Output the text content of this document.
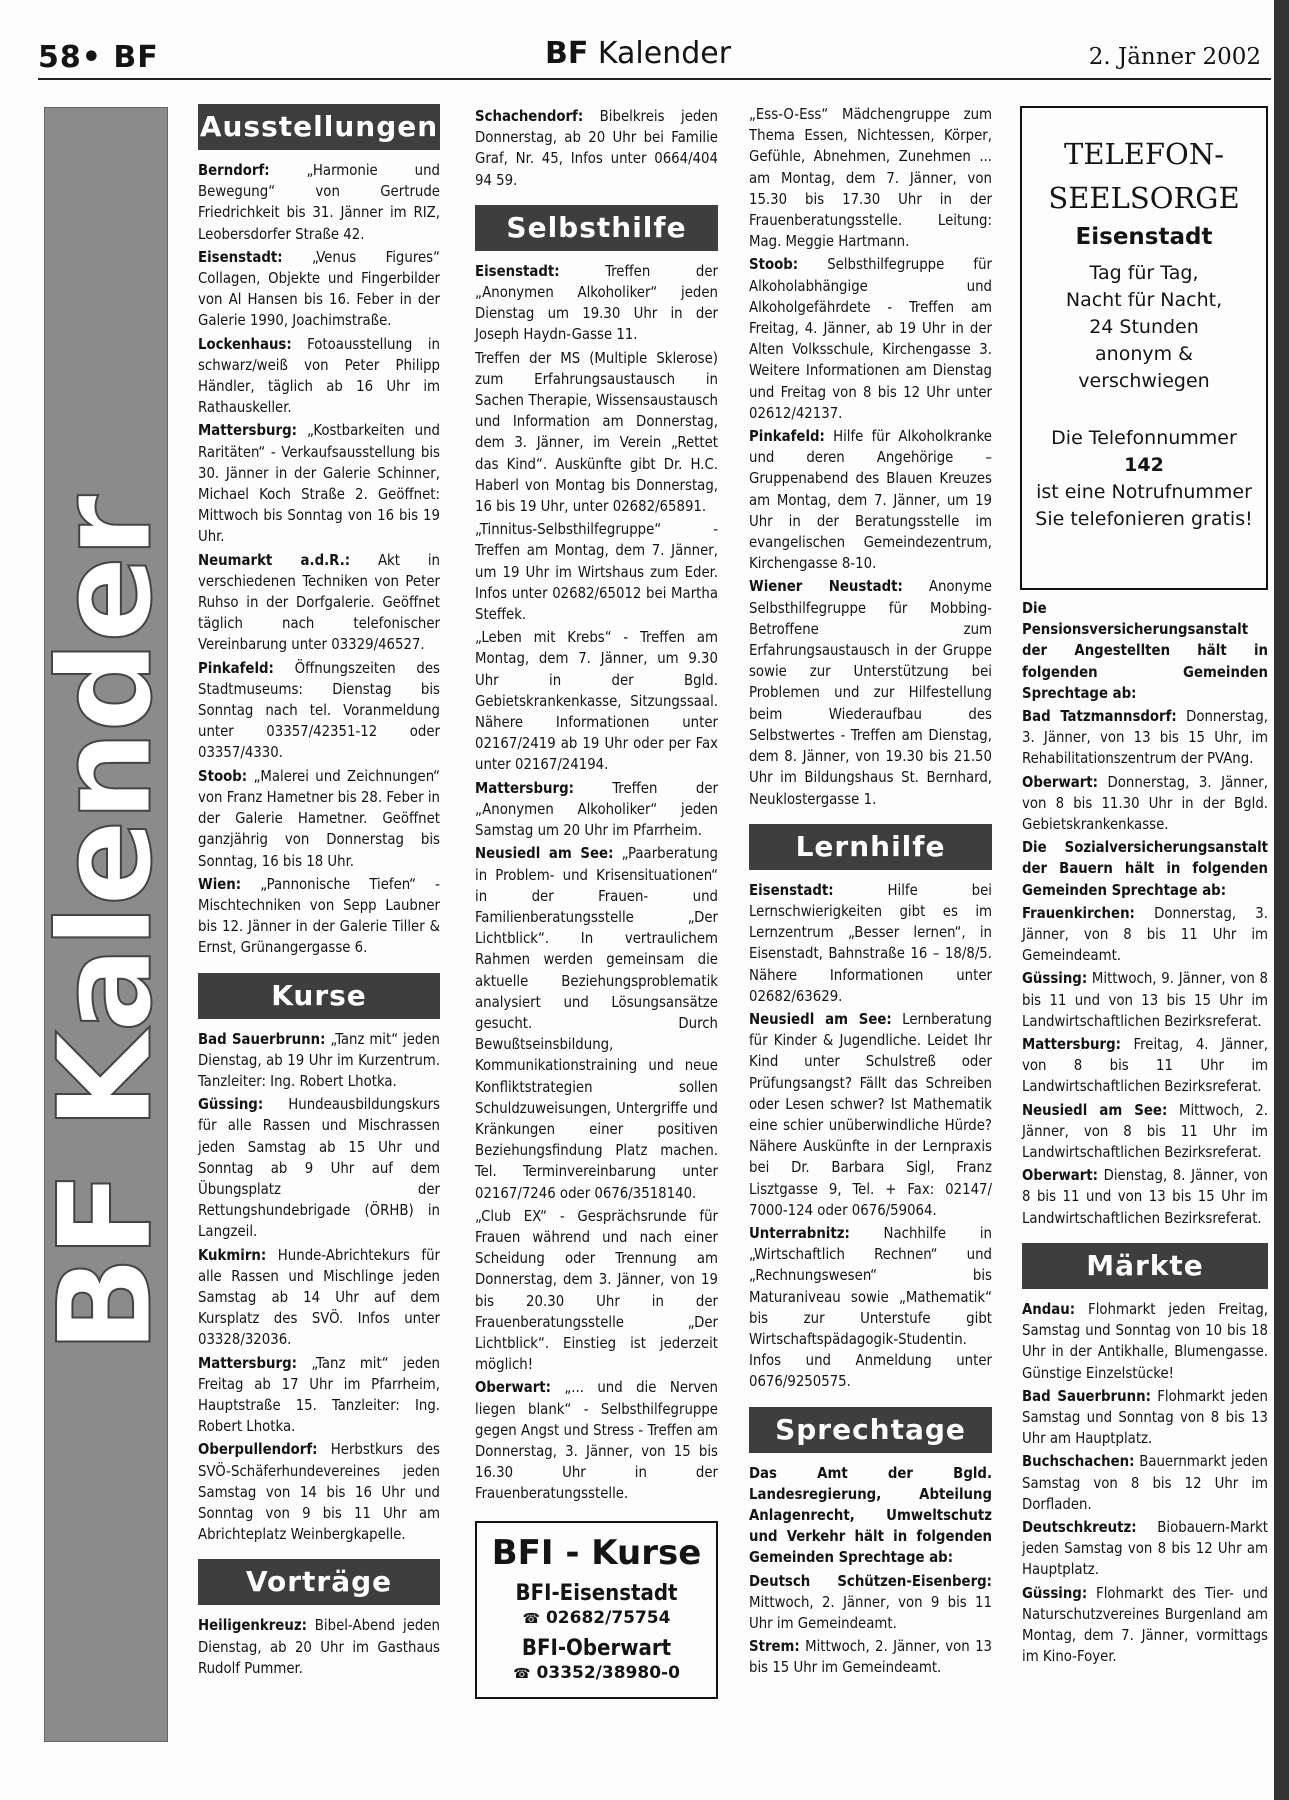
58• BF	BF Kalender	2. Jänner 2002
BF Kalender
Ausstellungen

Berndorf: „Harmonie und Bewegung“ von Gertrude Friedrichkeit bis 31. Jänner im RIZ, Leobersdorfer Straße 42.

Eisenstadt: „Venus Figures“ Collagen, Objekte und Fingerbilder von Al Hansen bis 16. Feber in der Galerie 1990, Joachimstraße.

Lockenhaus: Fotoausstellung in schwarz/weiß von Peter Philipp Händler, täglich ab 16 Uhr im Rathauskeller.

Mattersburg: „Kostbarkeiten und Raritäten“ - Verkaufsausstellung bis 30. Jänner in der Galerie Schinner, Michael Koch Straße 2. Geöffnet: Mittwoch bis Sonntag von 16 bis 19 Uhr.

Neumarkt a.d.R.: Akt in verschiedenen Techniken von Peter Ruhso in der Dorfgalerie. Geöffnet täglich nach telefonischer Vereinbarung unter 03329/46527.

Pinkafeld: Öffnungszeiten des Stadtmuseums: Dienstag bis Sonntag nach tel. Voranmeldung unter 03357/42351-12 oder 03357/4330.

Stoob: „Malerei und Zeichnungen“ von Franz Hametner bis 28. Feber in der Galerie Hametner. Geöffnet ganzjährig von Donnerstag bis Sonntag, 16 bis 18 Uhr.

Wien: „Pannonische Tiefen“ - Mischtechniken von Sepp Laubner bis 12. Jänner in der Galerie Tiller & Ernst, Grünangergasse 6.

Kurse

Bad Sauerbrunn: „Tanz mit“ jeden Dienstag, ab 19 Uhr im Kurzentrum. Tanzleiter: Ing. Robert Lhotka.

Güssing: Hundeausbildungskurs für alle Rassen und Mischrassen jeden Samstag ab 15 Uhr und Sonntag ab 9 Uhr auf dem Übungsplatz der Rettungshundebrigade (ÖRHB) in Langzeil.

Kukmirn: Hunde-Abrichtekurs für alle Rassen und Mischlinge jeden Samstag ab 14 Uhr auf dem Kursplatz des SVÖ. Infos unter 03328/32036.

Mattersburg: „Tanz mit“ jeden Freitag ab 17 Uhr im Pfarrheim, Hauptstraße 15. Tanzleiter: Ing. Robert Lhotka.

Oberpullendorf: Herbstkurs des SVÖ-Schäferhundevereines jeden Samstag von 14 bis 16 Uhr und Sonntag von 9 bis 11 Uhr am Abrichteplatz Weinbergkapelle.

Vorträge

Heiligenkreuz: Bibel-Abend jeden Dienstag, ab 20 Uhr im Gasthaus Rudolf Pummer.

Schachendorf: Bibelkreis jeden Donnerstag, ab 20 Uhr bei Familie Graf, Nr. 45, Infos unter 0664/404 94 59.

Selbsthilfe

Eisenstadt: Treffen der „Anonymen Alkoholiker“ jeden Dienstag um 19.30 Uhr in der Joseph Haydn-Gasse 11.

Treffen der MS (Multiple Sklerose) zum Erfahrungsaustausch in Sachen Therapie, Wissensaustausch und Information am Donnerstag, dem 3. Jänner, im Verein „Rettet das Kind“. Auskünfte gibt Dr. H.C. Haberl von Montag bis Donnerstag, 16 bis 19 Uhr, unter 02682/65891.

„Tinnitus-Selbsthilfegruppe“ - Treffen am Montag, dem 7. Jänner, um 19 Uhr im Wirtshaus zum Eder. Infos unter 02682/65012 bei Martha Steffek.

„Leben mit Krebs“ - Treffen am Montag, dem 7. Jänner, um 9.30 Uhr in der Bgld. Gebietskrankenkasse, Sitzungssaal. Nähere Informationen unter 02167/2419 ab 19 Uhr oder per Fax unter 02167/24194.

Mattersburg: Treffen der „Anonymen Alkoholiker“ jeden Samstag um 20 Uhr im Pfarrheim.

Neusiedl am See: „Paarberatung in Problem- und Krisensituationen“ in der Frauen- und Familienberatungsstelle „Der Lichtblick“. In vertraulichem Rahmen werden gemeinsam die aktuelle Beziehungsproblematik analysiert und Lösungsansätze gesucht. Durch Bewußtseinsbildung, Kommunikationstraining und neue Konfliktstrategien sollen Schuldzuweisungen, Untergriffe und Kränkungen einer positiven Beziehungsfindung Platz machen. Tel. Terminvereinbarung unter 02167/7246 oder 0676/3518140.

„Club EX“ - Gesprächsrunde für Frauen während und nach einer Scheidung oder Trennung am Donnerstag, dem 3. Jänner, von 19 bis 20.30 Uhr in der Frauenberatungsstelle „Der Lichtblick“. Einstieg ist jederzeit möglich!

Oberwart: „... und die Nerven liegen blank“ - Selbsthilfegruppe gegen Angst und Stress - Treffen am Donnerstag, 3. Jänner, von 15 bis 16.30 Uhr in der Frauenberatungsstelle.

BFI - Kurse
BFI-Eisenstadt
☎ 02682/75754
BFI-Oberwart
☎ 03352/38980-0

„Ess-O-Ess“ Mädchengruppe zum Thema Essen, Nichtessen, Körper, Gefühle, Abnehmen, Zunehmen ... am Montag, dem 7. Jänner, von 15.30 bis 17.30 Uhr in der Frauenberatungsstelle. Leitung: Mag. Meggie Hartmann.

Stoob: Selbsthilfegruppe für Alkoholabhängige und Alkoholgefährdete - Treffen am Freitag, 4. Jänner, ab 19 Uhr in der Alten Volksschule, Kirchengasse 3. Weitere Informationen am Dienstag und Freitag von 8 bis 12 Uhr unter 02612/42137.

Pinkafeld: Hilfe für Alkoholkranke und deren Angehörige – Gruppenabend des Blauen Kreuzes am Montag, dem 7. Jänner, um 19 Uhr in der Beratungsstelle im evangelischen Gemeindezentrum, Kirchengasse 8-10.

Wiener Neustadt: Anonyme Selbsthilfegruppe für Mobbing-Betroffene zum Erfahrungsaustausch in der Gruppe sowie zur Unterstützung bei Problemen und zur Hilfestellung beim Wiederaufbau des Selbstwertes - Treffen am Dienstag, dem 8. Jänner, von 19.30 bis 21.50 Uhr im Bildungshaus St. Bernhard, Neuklostergasse 1.

Lernhilfe

Eisenstadt: Hilfe bei Lernschwierigkeiten gibt es im Lernzentrum „Besser lernen“, in Eisenstadt, Bahnstraße 16 – 18/8/5. Nähere Informationen unter 02682/63629.

Neusiedl am See: Lernberatung für Kinder & Jugendliche. Leidet Ihr Kind unter Schulstreß oder Prüfungsangst? Fällt das Schreiben oder Lesen schwer? Ist Mathematik eine schier unüberwindliche Hürde? Nähere Auskünfte in der Lernpraxis bei Dr. Barbara Sigl, Franz Lisztgasse 9, Tel. + Fax: 02147/ 7000-124 oder 0676/59064.

Unterrabnitz: Nachhilfe in „Wirtschaftlich Rechnen“ und „Rechnungswesen“ bis Maturaniveau sowie „Mathematik“ bis zur Unterstufe gibt Wirtschaftspädagogik-Studentin. Infos und Anmeldung unter 0676/9250575.

Sprechtage

Das Amt der Bgld. Landesregierung, Abteilung Anlagenrecht, Umweltschutz und Verkehr hält in folgenden Gemeinden Sprechtage ab:

Deutsch Schützen-Eisenberg: Mittwoch, 2. Jänner, von 9 bis 11 Uhr im Gemeindeamt.

Strem: Mittwoch, 2. Jänner, von 13 bis 15 Uhr im Gemeindeamt.

TELEFON-
SEELSORGE
Eisenstadt
Tag für Tag,
Nacht für Nacht,
24 Stunden
anonym &
verschwiegen
Die Telefonnummer
142
ist eine Notrufnummer
Sie telefonieren gratis!

Die Pensionsversicherungsanstalt der Angestellten hält in folgenden Gemeinden Sprechtage ab:

Bad Tatzmannsdorf: Donnerstag, 3. Jänner, von 13 bis 15 Uhr, im Rehabilitationszentrum der PVAng.

Oberwart: Donnerstag, 3. Jänner, von 8 bis 11.30 Uhr in der Bgld. Gebietskrankenkasse.

Die Sozialversicherungsanstalt der Bauern hält in folgenden Gemeinden Sprechtage ab:

Frauenkirchen: Donnerstag, 3. Jänner, von 8 bis 11 Uhr im Gemeindeamt.

Güssing: Mittwoch, 9. Jänner, von 8 bis 11 und von 13 bis 15 Uhr im Landwirtschaftlichen Bezirksreferat.

Mattersburg: Freitag, 4. Jänner, von 8 bis 11 Uhr im Landwirtschaftlichen Bezirksreferat.

Neusiedl am See: Mittwoch, 2. Jänner, von 8 bis 11 Uhr im Landwirtschaftlichen Bezirksreferat.

Oberwart: Dienstag, 8. Jänner, von 8 bis 11 und von 13 bis 15 Uhr im Landwirtschaftlichen Bezirksreferat.

Märkte

Andau: Flohmarkt jeden Freitag, Samstag und Sonntag von 10 bis 18 Uhr in der Antikhalle, Blumengasse. Günstige Einzelstücke!

Bad Sauerbrunn: Flohmarkt jeden Samstag und Sonntag von 8 bis 13 Uhr am Hauptplatz.

Buchschachen: Bauernmarkt jeden Samstag von 8 bis 12 Uhr im Dorfladen.

Deutschkreutz: Biobauern-Markt jeden Samstag von 8 bis 12 Uhr am Hauptplatz.

Güssing: Flohmarkt des Tier- und Naturschutzvereines Burgenland am Montag, dem 7. Jänner, vormittags im Kino-Foyer.
